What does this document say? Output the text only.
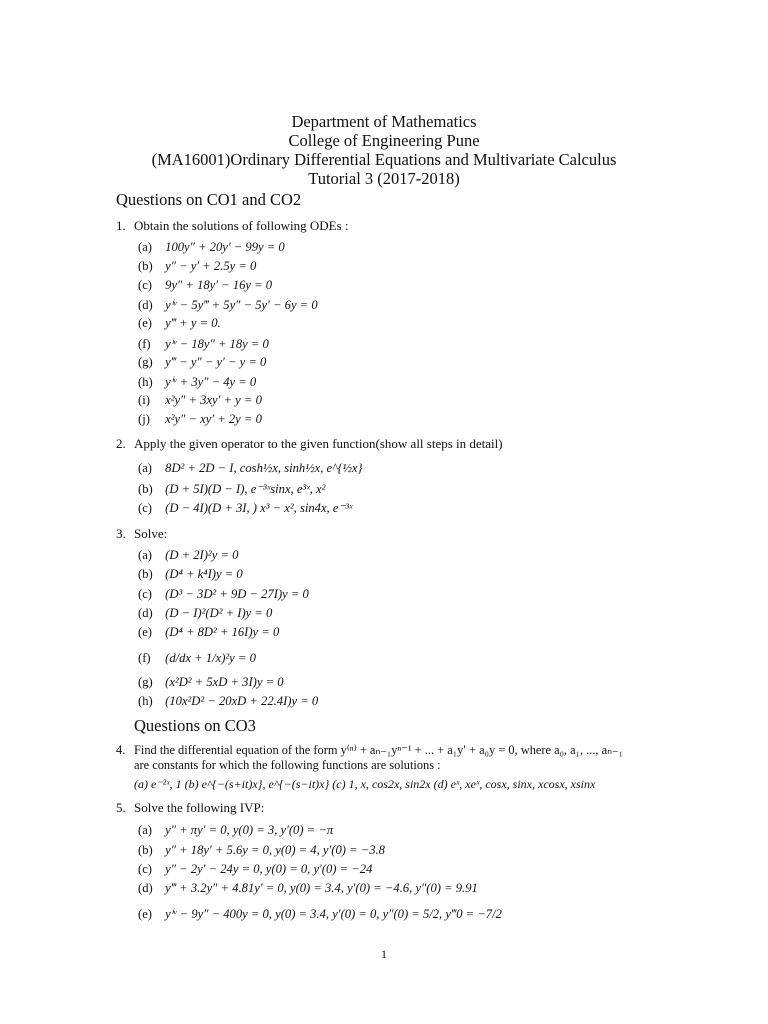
Department of Mathematics
College of Engineering Pune
(MA16001)Ordinary Differential Equations and Multivariate Calculus
Tutorial 3 (2017-2018)
Questions on CO1 and CO2
1. Obtain the solutions of following ODEs :
(a) 100y″ + 20y′ − 99y = 0
(b) y″ − y′ + 2.5y = 0
(c) 9y″ + 18y′ − 16y = 0
(d) yⁱᵛ − 5y‴ + 5y″ − 5y′ − 6y = 0
(e) y‴ + y = 0.
(f) yⁱᵛ − 18y″ + 18y = 0
(g) y‴ − y″ − y′ − y = 0
(h) yⁱᵛ + 3y″ − 4y = 0
(i) x²y″ + 3xy′ + y = 0
(j) x²y″ − xy′ + 2y = 0
2. Apply the given operator to the given function(show all steps in detail)
(a) 8D² + 2D − I, cosh½x, sinh½x, e^{½x}
(b) (D + 5I)(D − I), e⁻³ˣsinx, e³ˣ, x²
(c) (D − 4I)(D + 3I, ) x³ − x², sin4x, e⁻³ˣ
3. Solve:
(a) (D + 2I)²y = 0
(b) (D⁴ + k⁴I)y = 0
(c) (D³ − 3D² + 9D − 27I)y = 0
(d) (D − I)²(D² + I)y = 0
(e) (D⁴ + 8D² + 16I)y = 0
(f) (d/dx + 1/x)²y = 0
(g) (x²D² + 5xD + 3I)y = 0
(h) (10x²D² − 20xD + 22.4I)y = 0
Questions on CO3
4. Find the differential equation of the form y⁽ⁿ⁾ + aₙ₋₁yⁿ⁻¹ + ... + a₁y′ + a₀y = 0, where a₀, a₁, ..., aₙ₋₁
are constants for which the following functions are solutions :
(a) e⁻²ˣ, 1 (b) e^{−(s+it)x}, e^{−(s−it)x} (c) 1, x, cos2x, sin2x (d) eˣ, xeˣ, cosx, sinx, xcosx, xsinx
5. Solve the following IVP:
(a) y″ + πy′ = 0, y(0) = 3, y′(0) = −π
(b) y″ + 18y′ + 5.6y = 0, y(0) = 4, y′(0) = −3.8
(c) y″ − 2y′ − 24y = 0, y(0) = 0, y′(0) = −24
(d) y‴ + 3.2y″ + 4.81y′ = 0, y(0) = 3.4, y′(0) = −4.6, y″(0) = 9.91
(e) yⁱᵛ − 9y″ − 400y = 0, y(0) = 3.4, y′(0) = 0, y″(0) = 5/2, y‴0 = −7/2
1
